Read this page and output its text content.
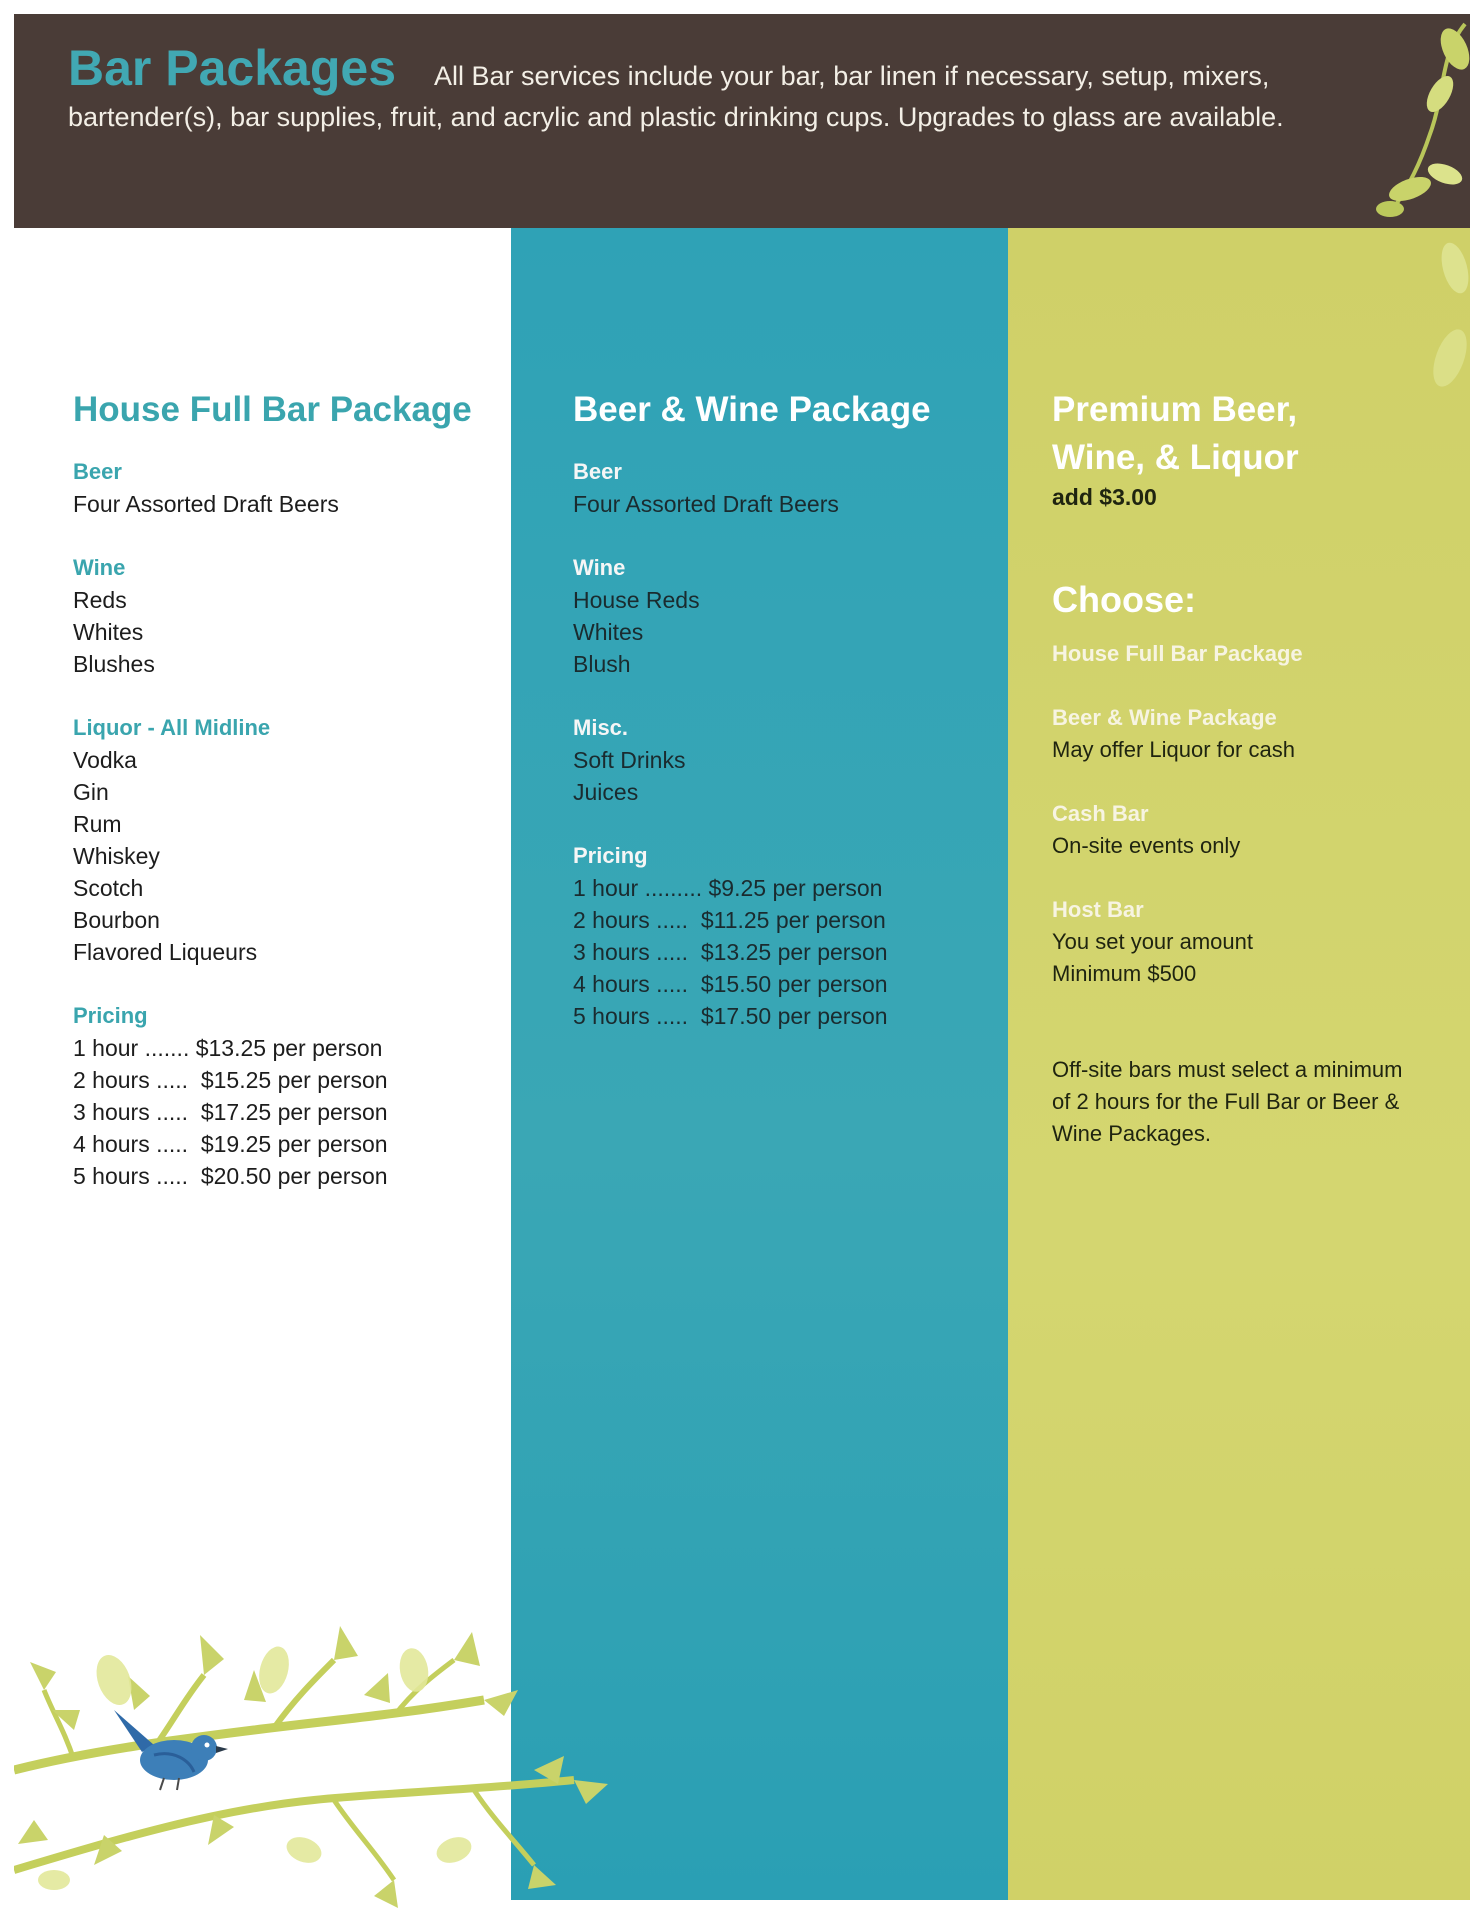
Bar Packages All Bar services include your bar, bar linen if necessary, setup, mixers, bartender(s), bar supplies, fruit, and acrylic and plastic drinking cups. Upgrades to glass are available.
House Full Bar Package
Beer
Four Assorted Draft Beers
Wine
Reds
Whites
Blushes
Liquor - All Midline
Vodka
Gin
Rum
Whiskey
Scotch
Bourbon
Flavored Liqueurs
Pricing
1 hour ....... $13.25 per person
2 hours .....  $15.25 per person
3 hours .....  $17.25 per person
4 hours .....  $19.25 per person
5 hours .....  $20.50 per person
Beer & Wine Package
Beer
Four Assorted Draft Beers
Wine
House Reds
Whites
Blush
Misc.
Soft Drinks
Juices
Pricing
1 hour ......... $9.25 per person
2 hours .....  $11.25 per person
3 hours .....  $13.25 per person
4 hours .....  $15.50 per person
5 hours .....  $17.50 per person
Premium Beer,
Wine, & Liquor
add $3.00
Choose:
House Full Bar Package
Beer & Wine Package
May offer Liquor for cash
Cash Bar
On-site events only
Host Bar
You set your amount
Minimum $500
Off-site bars must select a minimum
of 2 hours for the Full Bar or Beer &
Wine Packages.
